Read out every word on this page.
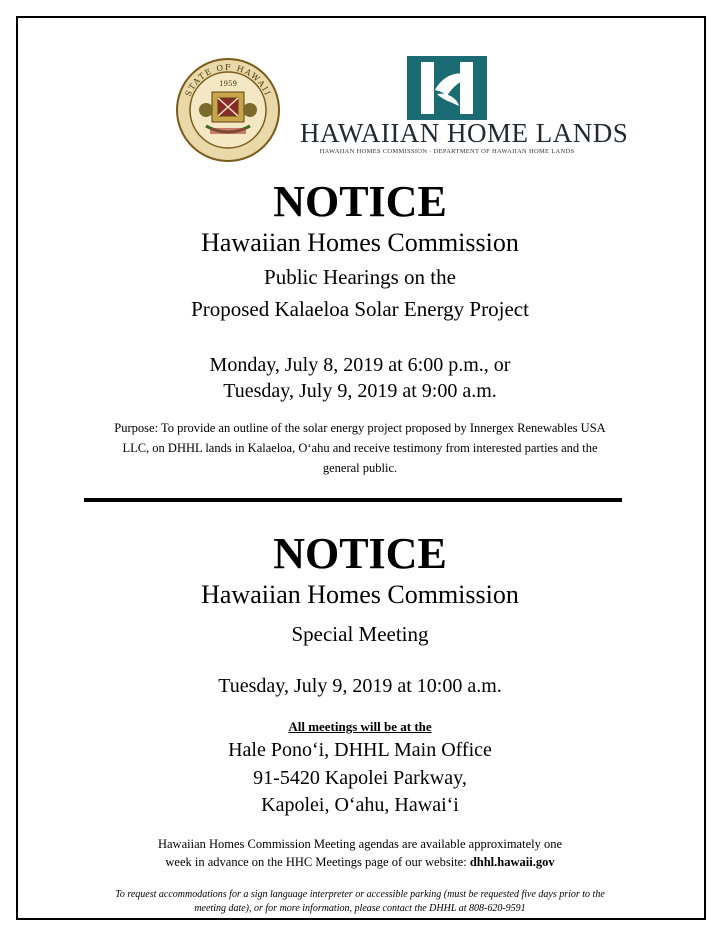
STATE OF HAWAII
1959
HAWAIIAN HOME LANDS
HAWAIIAN HOMES COMMISSION · DEPARTMENT OF HAWAIIAN HOME LANDS
NOTICE
Hawaiian Homes Commission
Public Hearings on the
Proposed Kalaeloa Solar Energy Project
Monday, July 8, 2019 at 6:00 p.m., or
Tuesday, July 9, 2019 at 9:00 a.m.
Purpose: To provide an outline of the solar energy project proposed by Innergex Renewables USA
LLC, on DHHL lands in Kalaeloa, O‘ahu and receive testimony from interested parties and the
general public.
NOTICE
Hawaiian Homes Commission
Special Meeting
Tuesday, July 9, 2019 at 10:00 a.m.
All meetings will be at the
Hale Pono‘i, DHHL Main Office
91-5420 Kapolei Parkway,
Kapolei, O‘ahu, Hawai‘i
Hawaiian Homes Commission Meeting agendas are available approximately one
week in advance on the HHC Meetings page of our website: dhhl.hawaii.gov
To request accommodations for a sign language interpreter or accessible parking (must be requested five days prior to the
meeting date), or for more information, please contact the DHHL at 808-620-9591
